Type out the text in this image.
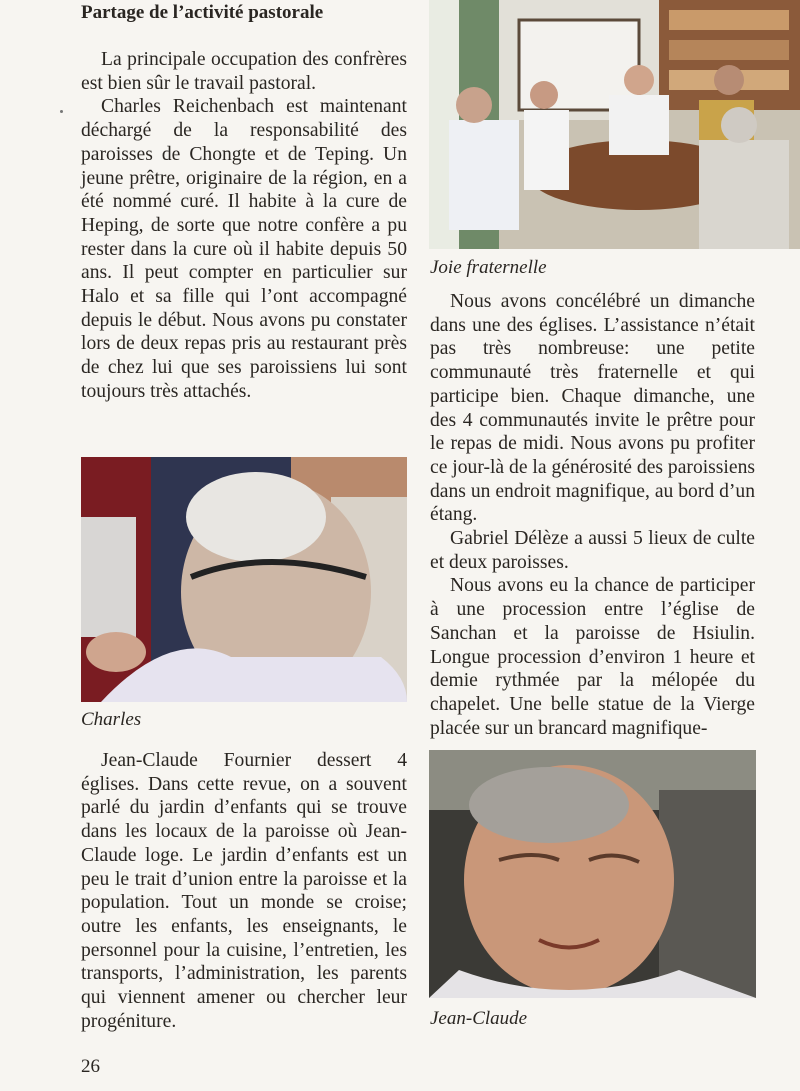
Partage de l’activité pastorale

La principale occupation des confrères est bien sûr le travail pastoral.

Charles Reichenbach est maintenant déchargé de la responsabilité des paroisses de Chongte et de Teping. Un jeune prêtre, originaire de la région, en a été nommé curé. Il habite à la cure de Heping, de sorte que notre confère a pu rester dans la cure où il habite depuis 50 ans. Il peut compter en particulier sur Halo et sa fille qui l’ont accompagné depuis le début. Nous avons pu constater lors de deux repas pris au restaurant près de chez lui que ses paroissiens lui sont toujours très attachés.

Charles

Jean-Claude Fournier dessert 4 églises. Dans cette revue, on a souvent parlé du jardin d’enfants qui se trouve dans les locaux de la paroisse où Jean-Claude loge. Le jardin d’enfants est un peu le trait d’union entre la paroisse et la population. Tout un monde se croise; outre les enfants, les enseignants, le personnel pour la cuisine, l’entretien, les transports, l’administration, les parents qui viennent amener ou chercher leur progéniture.

Joie fraternelle

Nous avons concélébré un dimanche dans une des églises. L’assistance n’était pas très nombreuse: une petite communauté très fraternelle et qui participe bien. Chaque dimanche, une des 4 communautés invite le prêtre pour le repas de midi. Nous avons pu profiter ce jour-là de la générosité des paroissiens dans un endroit magnifique, au bord d’un étang.

Gabriel Délèze a aussi 5 lieux de culte et deux paroisses.

Nous avons eu la chance de participer à une procession entre l’église de Sanchan et la paroisse de Hsiulin. Longue procession d’environ 1 heure et demie rythmée par la mélopée du chapelet. Une belle statue de la Vierge placée sur un brancard magnifique-

Jean-Claude
26
